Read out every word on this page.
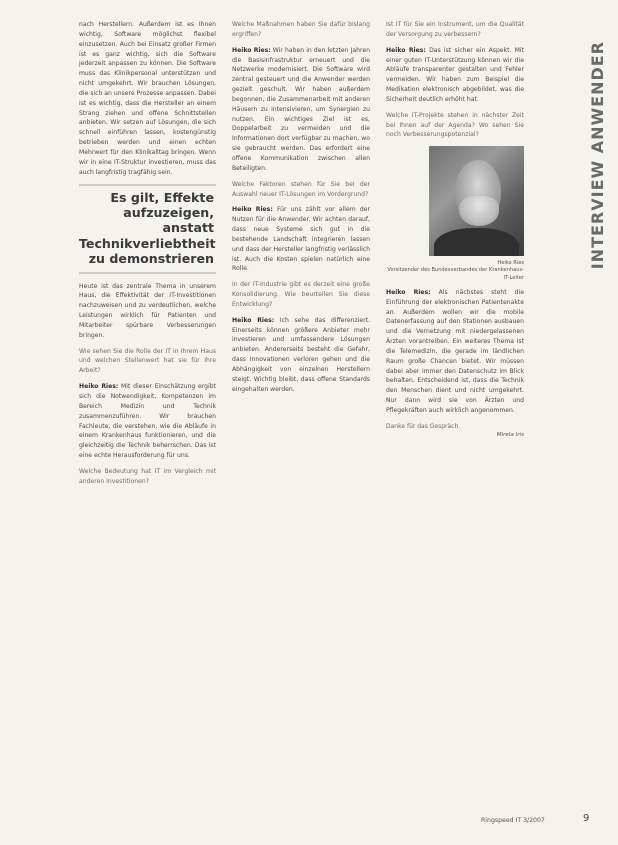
INTERVIEW ANWENDER

nach Herstellern. Außerdem ist es Ihnen wichtig, Software möglichst flexibel einzusetzen. Auch bei Einsatz großer Firmen ist es ganz wichtig, sich die Software jederzeit anpassen zu können. Die Software muss das Klinikpersonal unterstützen und nicht umgekehrt. Wir brauchen Lösungen, die sich an unsere Prozesse anpassen. Dabei ist es wichtig, dass die Hersteller an einem Strang ziehen und offene Schnittstellen anbieten. Wir setzen auf Lösungen, die sich schnell einführen lassen, kostengünstig betrieben werden und einen echten Mehrwert für den Klinikalltag bringen. Wenn wir in eine IT-Struktur investieren, muss das auch langfristig tragfähig sein.

Es gilt, Effekte aufzuzeigen, anstatt Technikverliebtheit zu demonstrieren

Heute ist das zentrale Thema in unserem Haus, die Effektivität der IT-Investitionen nachzuweisen und zu verdeutlichen, welche Leistungen wirklich für Patienten und Mitarbeiter spürbare Verbesserungen bringen.

Wie sehen Sie die Rolle der IT in Ihrem Haus und welchen Stellenwert hat sie für Ihre Arbeit?

Heiko Ries: Mit dieser Einschätzung ergibt sich die Notwendigkeit, Kompetenzen im Bereich Medizin und Technik zusammenzuführen. Wir brauchen Fachleute, die verstehen, wie die Abläufe in einem Krankenhaus funktionieren, und die gleichzeitig die Technik beherrschen. Das ist eine echte Herausforderung für uns.

Welche Bedeutung hat IT im Vergleich mit anderen Investitionen?

Welche Maßnahmen haben Sie dafür bislang ergriffen?

Heiko Ries: Wir haben in den letzten Jahren die Basisinfrastruktur erneuert und die Netzwerke modernisiert. Die Software wird zentral gesteuert und die Anwender werden gezielt geschult. Wir haben außerdem begonnen, die Zusammenarbeit mit anderen Häusern zu intensivieren, um Synergien zu nutzen. Ein wichtiges Ziel ist es, Doppelarbeit zu vermeiden und die Informationen dort verfügbar zu machen, wo sie gebraucht werden. Das erfordert eine offene Kommunikation zwischen allen Beteiligten.

Welche Faktoren stehen für Sie bei der Auswahl neuer IT-Lösungen im Vordergrund?

Heiko Ries: Für uns zählt vor allem der Nutzen für die Anwender. Wir achten darauf, dass neue Systeme sich gut in die bestehende Landschaft integrieren lassen und dass der Hersteller langfristig verlässlich ist. Auch die Kosten spielen natürlich eine Rolle.

In der IT-Industrie gibt es derzeit eine große Konsolidierung. Wie beurteilen Sie diese Entwicklung?

Heiko Ries: Ich sehe das differenziert. Einerseits können größere Anbieter mehr investieren und umfassendere Lösungen anbieten. Andererseits besteht die Gefahr, dass Innovationen verloren gehen und die Abhängigkeit von einzelnen Herstellern steigt. Wichtig bleibt, dass offene Standards eingehalten werden.

Ist IT für Sie ein Instrument, um die Qualität der Versorgung zu verbessern?

Heiko Ries: Das ist sicher ein Aspekt. Mit einer guten IT-Unterstützung können wir die Abläufe transparenter gestalten und Fehler vermeiden. Wir haben zum Beispiel die Medikation elektronisch abgebildet, was die Sicherheit deutlich erhöht hat.

Welche IT-Projekte stehen in nächster Zeit bei Ihnen auf der Agenda? Wo sehen Sie noch Verbesserungspotenzial?

Heiko Ries
Vorsitzender des Bundesverbandes der Krankenhaus-IT-Leiter

Heiko Ries: Als nächstes steht die Einführung der elektronischen Patientenakte an. Außerdem wollen wir die mobile Datenerfassung auf den Stationen ausbauen und die Vernetzung mit niedergelassenen Ärzten vorantreiben. Ein weiteres Thema ist die Telemedizin, die gerade im ländlichen Raum große Chancen bietet. Wir müssen dabei aber immer den Datenschutz im Blick behalten. Entscheidend ist, dass die Technik den Menschen dient und nicht umgekehrt. Nur dann wird sie von Ärzten und Pflegekräften auch wirklich angenommen.

Danke für das Gespräch.

Mirela Iris
Ringspeed IT 3/2007	9
